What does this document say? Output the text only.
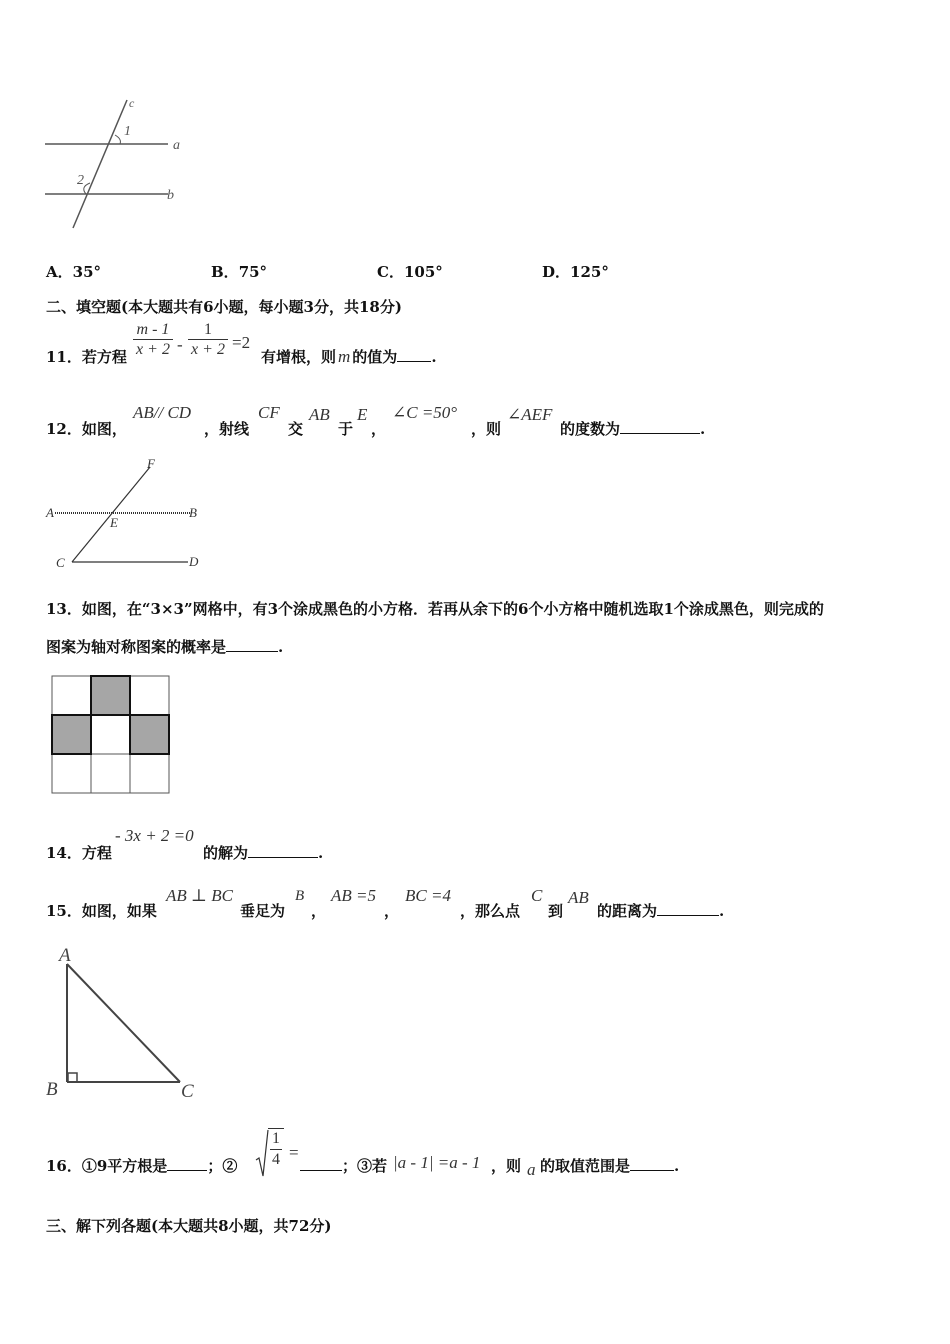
c
1
a
2
b
A．35°	B．75°	C．105°	D．125°
二、填空题(本大题共有6小题，每小题3分，共18分)
11．若方程
m - 1
x + 2 -
1
x + 2 =2
有增根，则 m 的值为 .
12．如图，
AB// CD
，射线
CF
交
AB
于
E
，
∠C =50°
，则
∠AEF
的度数为	.
F
A	B
E
C	D
13．如图，在“3×3”网格中，有3个涂成黑色的小方格．若再从余下的6个小方格中随机选取1个涂成黑色，则完成的
图案为轴对称图案的概率是	.
14．方程
- 3x + 2 =0
的解为	.
15．如图，如果
AB ⊥ BC
垂足为
B
，
AB =5
，
BC =4
，那么点
C
到
AB
的距离为	.
A
B	C
16．①9平方根是	；②
1
4 =
；③若 |a - 1| =a - 1 ，则 a 的取值范围是	.
三、解下列各题(本大题共8小题，共72分)
